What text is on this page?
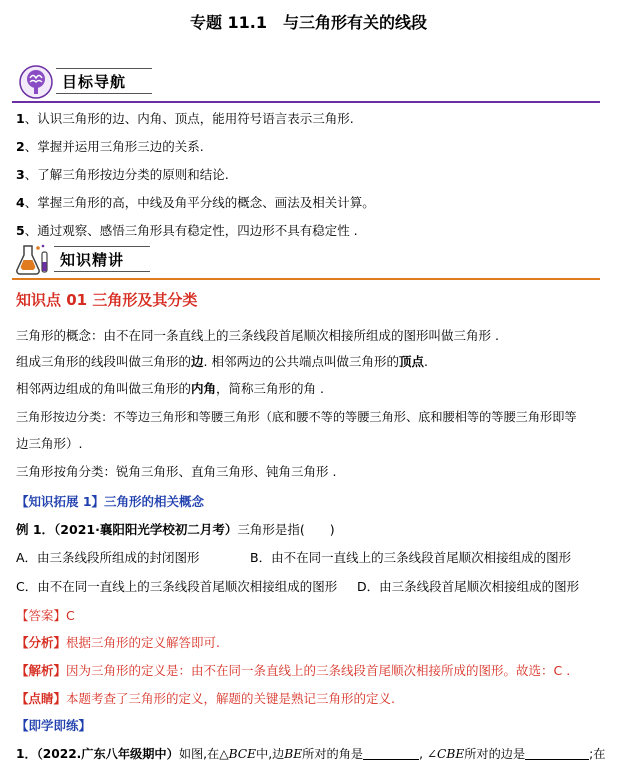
专题 11.1　与三角形有关的线段
目标导航
1、认识三角形的边、内角、顶点，能用符号语言表示三角形.
2、掌握并运用三角形三边的关系.
3、了解三角形按边分类的原则和结论.
4、掌握三角形的高，中线及角平分线的概念、画法及相关计算。
5、通过观察、感悟三角形具有稳定性，四边形不具有稳定性 .
知识精讲
知识点 01 三角形及其分类
三角形的概念：由不在同一条直线上的三条线段首尾顺次相接所组成的图形叫做三角形 .
组成三角形的线段叫做三角形的边. 相邻两边的公共端点叫做三角形的顶点.
相邻两边组成的角叫做三角形的内角，简称三角形的角 .
三角形按边分类：不等边三角形和等腰三角形（底和腰不等的等腰三角形、底和腰相等的等腰三角形即等
边三角形）.
三角形按角分类：锐角三角形、直角三角形、钝角三角形 .
【知识拓展 1】三角形的相关概念
例 1．（2021·襄阳阳光学校初二月考）三角形是指(　　)
A．由三条线段所组成的封闭图形	B．由不在同一直线上的三条线段首尾顺次相接组成的图形
C．由不在同一直线上的三条线段首尾顺次相接组成的图形 D．由三条线段首尾顺次相接组成的图形
【答案】C
【分析】根据三角形的定义解答即可.
【解析】因为三角形的定义是：由不在同一条直线上的三条线段首尾顺次相接所成的图形。故选：C .
【点睛】本题考查了三角形的定义，解题的关键是熟记三角形的定义.
【即学即练】
1．（2022.广东八年级期中）如图,在△BCE中,边BE所对的角是	, ∠CBE所对的边是	;在
